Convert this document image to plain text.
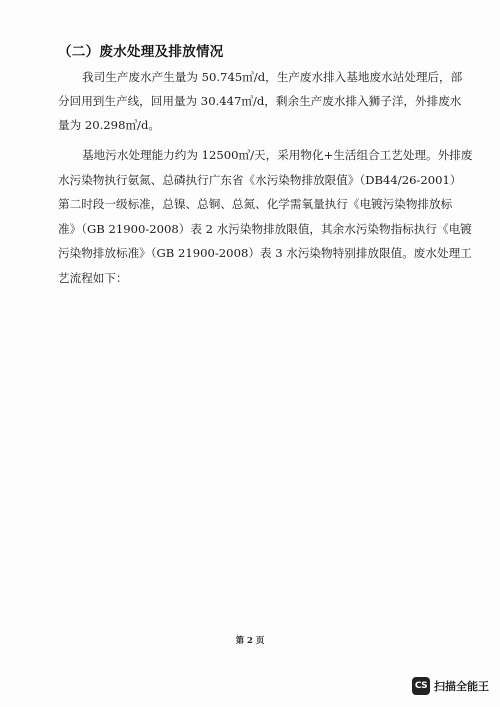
（二）废水处理及排放情况
我司生产废水产生量为 50.745㎥/d，生产废水排入基地废水站处理后，部
分回用到生产线，回用量为 30.447㎥/d，剩余生产废水排入狮子洋，外排废水
量为 20.298㎥/d。
基地污水处理能力约为 12500㎥/天，采用物化+生活组合工艺处理。外排废
水污染物执行氨氮、总磷执行广东省《水污染物排放限值》（DB44/26-2001）
第二时段一级标准，总镍、总铜、总氮、化学需氧量执行《电镀污染物排放标
准》（GB 21900-2008）表 2 水污染物排放限值，其余水污染物指标执行《电镀
污染物排放标准》（GB 21900-2008）表 3 水污染物特别排放限值。废水处理工
艺流程如下：
第 2 页
CS 扫描全能王
